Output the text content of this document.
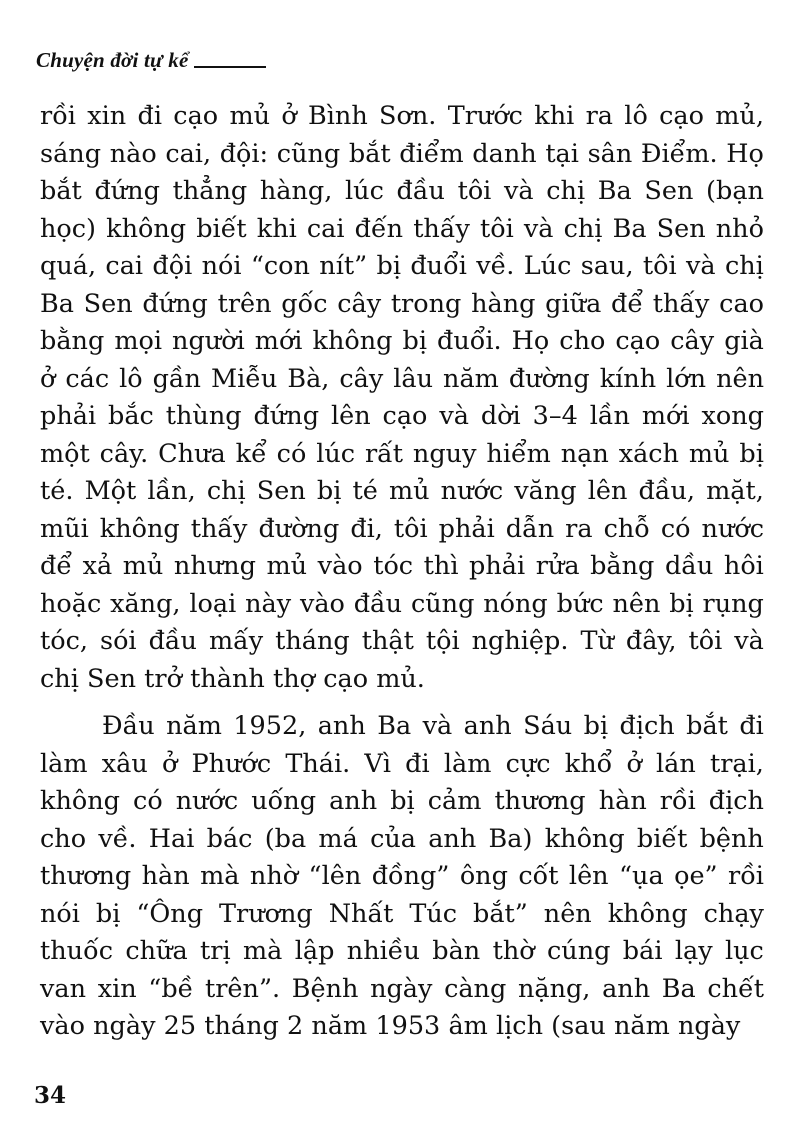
Chuyện đời tự kể
rồi xin đi cạo mủ ở Bình Sơn. Trước khi ra lô cạo mủ,
sáng nào cai, đội: cũng bắt điểm danh tại sân Điểm. Họ
bắt đứng thẳng hàng, lúc đầu tôi và chị Ba Sen (bạn
học) không biết khi cai đến thấy tôi và chị Ba Sen nhỏ
quá, cai đội nói “con nít” bị đuổi về. Lúc sau, tôi và chị
Ba Sen đứng trên gốc cây trong hàng giữa để thấy cao
bằng mọi người mới không bị đuổi. Họ cho cạo cây già
ở các lô gần Miễu Bà, cây lâu năm đường kính lớn nên
phải bắc thùng đứng lên cạo và dời 3–4 lần mới xong
một cây. Chưa kể có lúc rất nguy hiểm nạn xách mủ bị
té. Một lần, chị Sen bị té mủ nước văng lên đầu, mặt,
mũi không thấy đường đi, tôi phải dẫn ra chỗ có nước
để xả mủ nhưng mủ vào tóc thì phải rửa bằng dầu hôi
hoặc xăng, loại này vào đầu cũng nóng bức nên bị rụng
tóc, sói đầu mấy tháng thật tội nghiệp. Từ đây, tôi và
chị Sen trở thành thợ cạo mủ.
Đầu năm 1952, anh Ba và anh Sáu bị địch bắt đi
làm xâu ở Phước Thái. Vì đi làm cực khổ ở lán trại,
không có nước uống anh bị cảm thương hàn rồi địch
cho về. Hai bác (ba má của anh Ba) không biết bệnh
thương hàn mà nhờ “lên đồng” ông cốt lên “ụa ọe” rồi
nói bị “Ông Trương Nhất Túc bắt” nên không chạy
thuốc chữa trị mà lập nhiều bàn thờ cúng bái lạy lục
van xin “bề trên”. Bệnh ngày càng nặng, anh Ba chết
vào ngày 25 tháng 2 năm 1953 âm lịch (sau năm ngày
34
